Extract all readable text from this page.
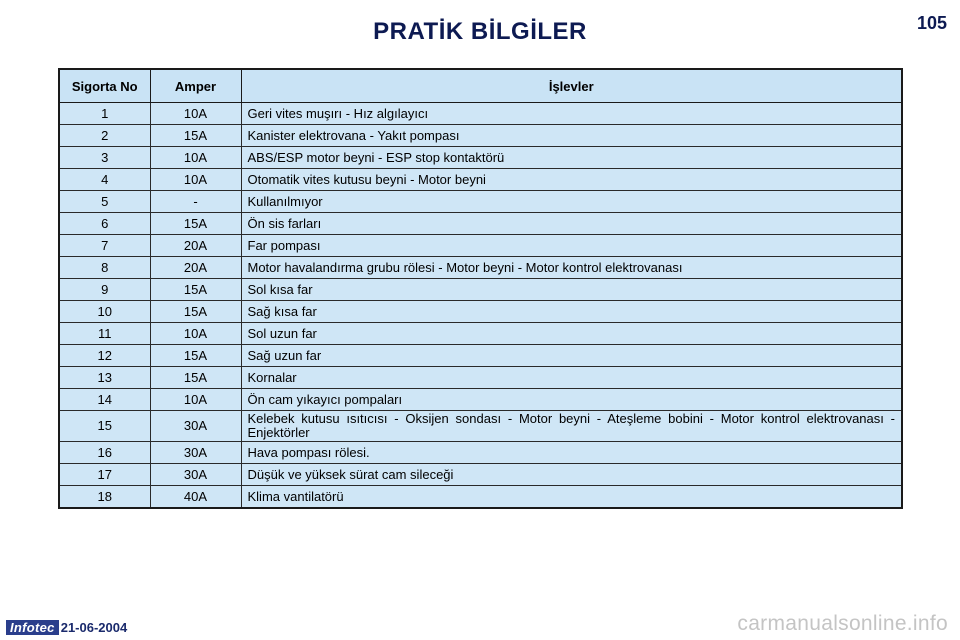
PRATİK BİLGİLER	105
Sigorta No	Amper	İşlevler
1	10A	Geri vites muşırı - Hız algılayıcı
2	15A	Kanister elektrovana - Yakıt pompası
3	10A	ABS/ESP motor beyni - ESP stop kontaktörü
4	10A	Otomatik vites kutusu beyni - Motor beyni
5	-	Kullanılmıyor
6	15A	Ön sis farları
7	20A	Far pompası
8	20A	Motor havalandırma grubu rölesi - Motor beyni - Motor kontrol elektrovanası
9	15A	Sol kısa far
10	15A	Sağ kısa far
11	10A	Sol uzun far
12	15A	Sağ uzun far
13	15A	Kornalar
14	10A	Ön cam yıkayıcı pompaları
15	30A	Kelebek kutusu ısıtıcısı - Oksijen sondası - Motor beyni - Ateşleme bobini - Motor kontrol elektrovanası - Enjektörler
16	30A	Hava pompası rölesi.
17	30A	Düşük ve yüksek sürat cam sileceği
18	40A	Klima vantilatörü
Infotec 21-06-2004	carmanualsonline.info
